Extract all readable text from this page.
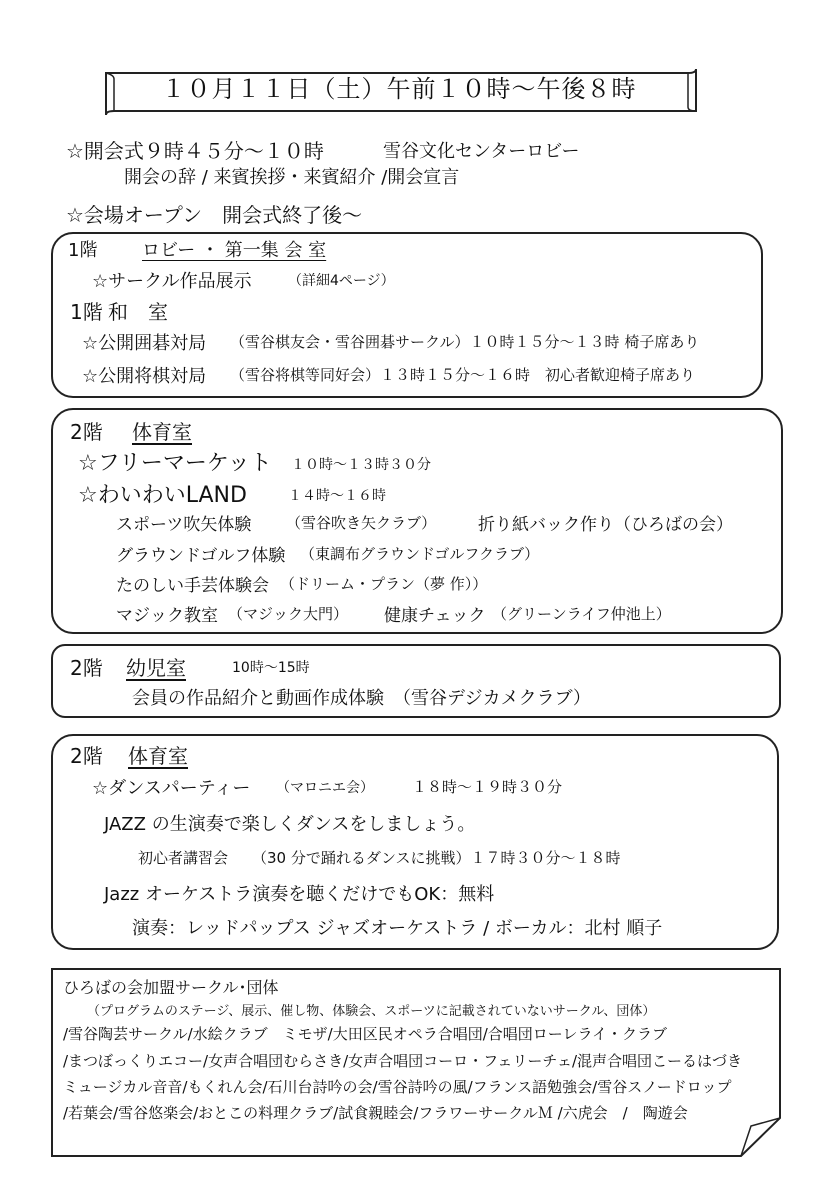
１０月１１日（土）午前１０時～午後８時
☆開会式９時４５分～１０時	雪谷文化センターロビー
開会の辞 / 来賓挨拶・来賓紹介 /開会宣言
☆会場オープン　開会式終了後～
1階 ロビー ・ 第一集 会 室
☆サークル作品展示	（詳細4ページ）
1階 和　室
☆公開囲碁対局 （雪谷棋友会・雪谷囲碁サークル）１０時１５分～１３時 椅子席あり
☆公開将棋対局 （雪谷将棋等同好会）１３時１５分～１６時　初心者歓迎椅子席あり
2階 体育室
☆フリーマーケット １０時～１３時３０分
☆わいわいLAND	１４時～１６時
スポーツ吹矢体験 （雪谷吹き矢クラブ） 折り紙バック作り（ひろばの会）
グラウンドゴルフ体験 （東調布グラウンドゴルフクラブ）
たのしい手芸体験会 （ドリーム・プラン（夢 作））
マジック教室 （マジック大門） 健康チェック （グリーンライフ仲池上）
2階 幼児室	10時～15時
会員の作品紹介と動画作成体験　（雪谷デジカメクラブ）
2階 体育室
☆ダンスパーティー （マロニエ会）	１８時～１９時３０分
JAZZ の生演奏で楽しくダンスをしましょう。
初心者講習会 （30 分で踊れるダンスに挑戦）１７時３０分～１８時
Jazz オーケストラ演奏を聴くだけでもOK：無料
演奏：レッドパップス ジャズオーケストラ / ボーカル：北村 順子
ひろばの会加盟サークル･団体
（プログラムのステージ、展示、催し物、体験会、スポーツに記載されていないサークル、団体）
/雪谷陶芸サークル/水絵クラブ　ミモザ/大田区民オペラ合唱団/合唱団ローレライ・クラブ
/まつぼっくりエコー/女声合唱団むらさき/女声合唱団コーロ・フェリーチェ/混声合唱団こーるはづき
ミュージカル音音/もくれん会/石川台詩吟の会/雪谷詩吟の風/フランス語勉強会/雪谷スノードロップ
/若葉会/雪谷悠楽会/おとこの料理クラブ/試食親睦会/フラワーサークルＭ /六虎会　/　陶遊会
